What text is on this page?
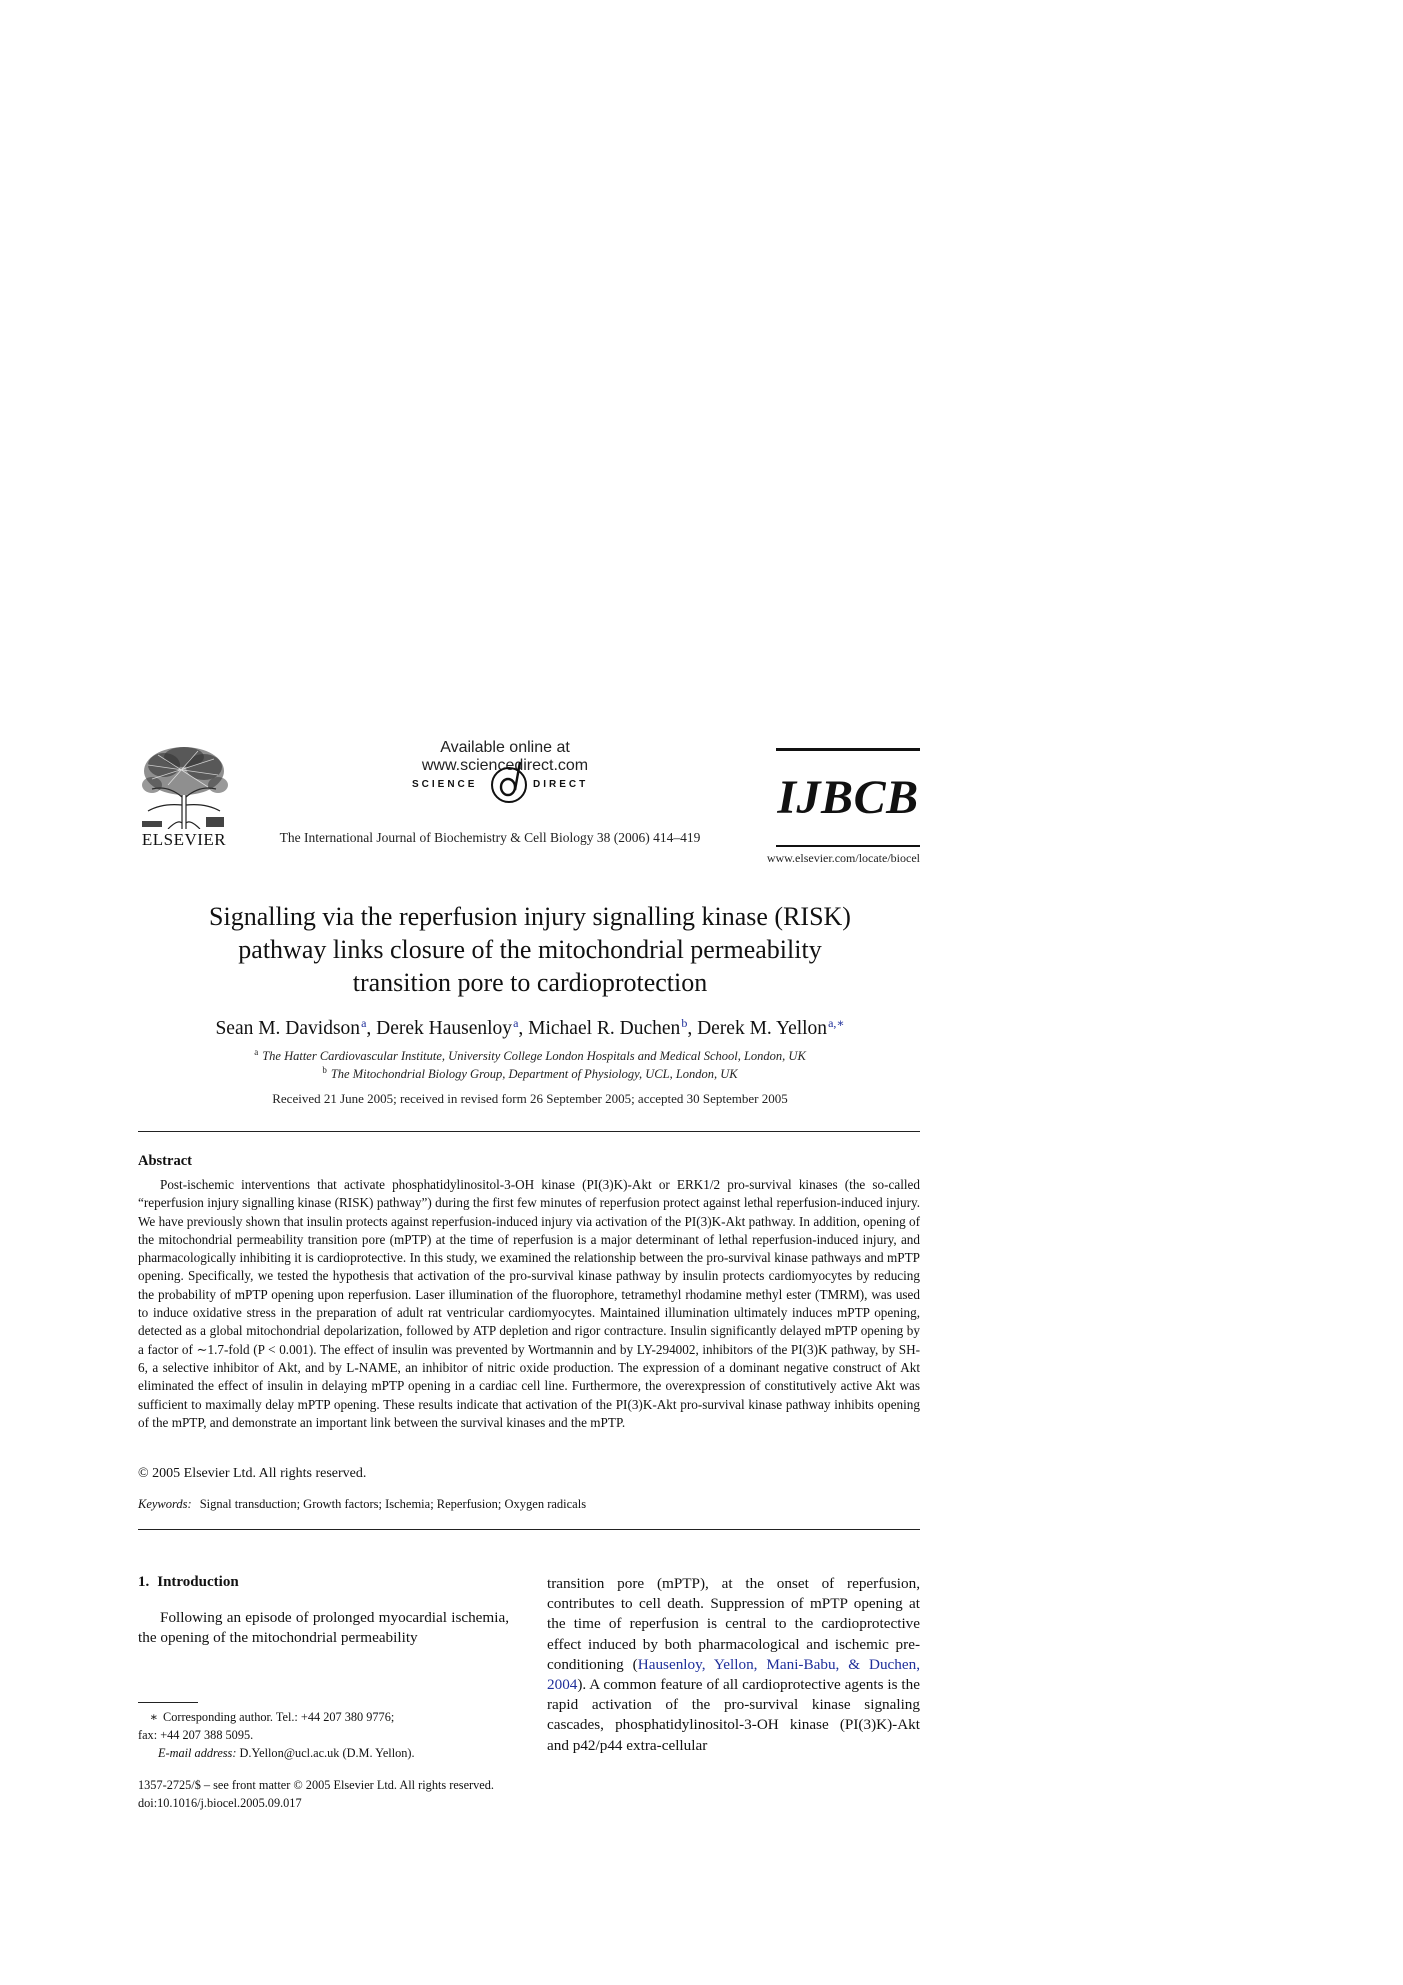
ELSEVIER
Available online at www.sciencedirect.com
SCIENCE	DIRECT
The International Journal of Biochemistry & Cell Biology 38 (2006) 414–419
IJBCB
www.elsevier.com/locate/biocel
Signalling via the reperfusion injury signalling kinase (RISK)
pathway links closure of the mitochondrial permeability
transition pore to cardioprotection
Sean M. Davidson$^a$, Derek Hausenloy$^a$, Michael R. Duchen$^b$, Derek M. Yellon$^{a,∗}$
$^a$ The Hatter Cardiovascular Institute, University College London Hospitals and Medical School, London, UK
$^b$ The Mitochondrial Biology Group, Department of Physiology, UCL, London, UK
Received 21 June 2005; received in revised form 26 September 2005; accepted 30 September 2005
Abstract
Post-ischemic interventions that activate phosphatidylinositol-3-OH kinase (PI(3)K)-Akt or ERK1/2 pro-survival kinases (the so-called “reperfusion injury signalling kinase (RISK) pathway”) during the first few minutes of reperfusion protect against lethal reperfusion-induced injury. We have previously shown that insulin protects against reperfusion-induced injury via activation of the PI(3)K-Akt pathway. In addition, opening of the mitochondrial permeability transition pore (mPTP) at the time of reperfusion is a major determinant of lethal reperfusion-induced injury, and pharmacologically inhibiting it is cardioprotective. In this study, we examined the relationship between the pro-survival kinase pathways and mPTP opening. Specifically, we tested the hypothesis that activation of the pro-survival kinase pathway by insulin protects cardiomyocytes by reducing the probability of mPTP opening upon reperfusion. Laser illumination of the fluorophore, tetramethyl rhodamine methyl ester (TMRM), was used to induce oxidative stress in the preparation of adult rat ventricular cardiomyocytes. Maintained illumination ultimately induces mPTP opening, detected as a global mitochondrial depolarization, followed by ATP depletion and rigor contracture. Insulin significantly delayed mPTP opening by a factor of ∼1.7-fold (P < 0.001). The effect of insulin was prevented by Wortmannin and by LY-294002, inhibitors of the PI(3)K pathway, by SH-6, a selective inhibitor of Akt, and by L-NAME, an inhibitor of nitric oxide production. The expression of a dominant negative construct of Akt eliminated the effect of insulin in delaying mPTP opening in a cardiac cell line. Furthermore, the overexpression of constitutively active Akt was sufficient to maximally delay mPTP opening. These results indicate that activation of the PI(3)K-Akt pro-survival kinase pathway inhibits opening of the mPTP, and demonstrate an important link between the survival kinases and the mPTP.
© 2005 Elsevier Ltd. All rights reserved.
Keywords: Signal transduction; Growth factors; Ischemia; Reperfusion; Oxygen radicals
1. Introduction
Following an episode of prolonged myocardial ischemia, the opening of the mitochondrial permeability
∗ Corresponding author. Tel.: +44 207 380 9776;
fax: +44 207 388 5095.
E-mail address: D.Yellon@ucl.ac.uk (D.M. Yellon).
1357-2725/$ – see front matter © 2005 Elsevier Ltd. All rights reserved.
doi:10.1016/j.biocel.2005.09.017
transition pore (mPTP), at the onset of reperfusion, contributes to cell death. Suppression of mPTP opening at the time of reperfusion is central to the cardioprotective effect induced by both pharmacological and ischemic pre-conditioning (Hausenloy, Yellon, Mani-Babu, & Duchen, 2004). A common feature of all cardioprotective agents is the rapid activation of the pro-survival kinase signaling cascades, phosphatidylinositol-3-OH kinase (PI(3)K)-Akt and p42/p44 extra-cellular
